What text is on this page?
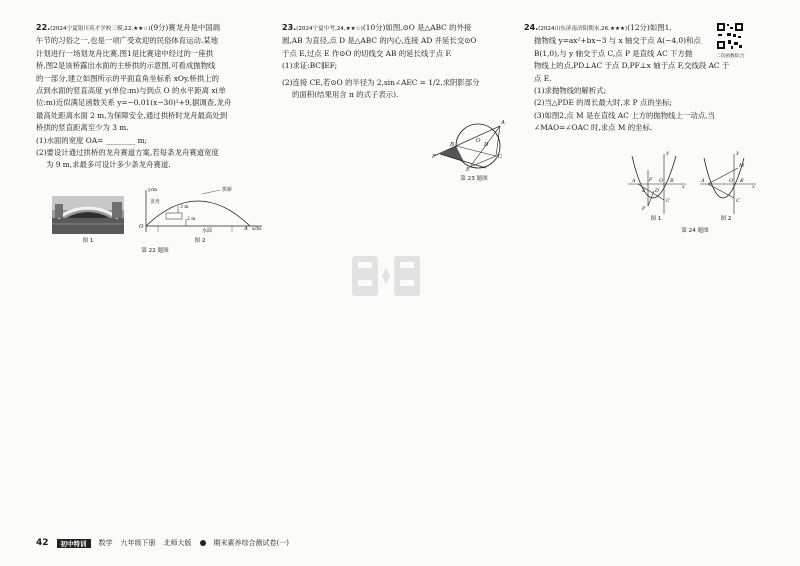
22.(2024宁夏银川英才学校三模,22,★★☆)(9分)赛龙舟是中国端

午节的习俗之一,也是一项广受欢迎的民俗体育运动.某地

计划进行一场划龙舟比赛,图1是比赛途中经过的一座拱

桥,图2是该桥露出水面的主桥拱的示意图,可看成抛物线

的一部分,建立如图所示的平面直角坐标系 xOy,桥拱上的

点到水面的竖直高度 y(单位:m)与到点 O 的水平距离 x(单

位:m)近似满足函数关系 y=−0.01(x−30)²+9,据调查,龙舟

最高处距离水面 2 m,为保障安全,通过拱桥时龙舟最高处到

桥拱的竖直距离至少为 3 m.

(1)水面的宽度 OA= ________ m;

(2)要设计通过拱桥的龙舟赛道方案,若每条龙舟赛道宽度

为 9 m,求最多可设计多少条龙舟赛道.

图 1
y/m
x/m
龙舟
拱桥
3 m
2 m
水面
O	A
图 2
第 22 题图

23.(2024宁夏中考,24,★★☆)(10分)如图,⊙O 是△ABC 的外接

圆,AB 为直径,点 D 是△ABC 的内心,连接 AD 并延长交⊙O

于点 E,过点 E 作⊙O 的切线交 AB 的延长线于点 F.

(1)求证:BC∥EF;

(2)连接 CE,若⊙O 的半径为 2,sin∠AEC = 1/2,求阴影部分

的面积(结果用含 π 的式子表示).

A
B
C
D
E
F
O
第 23 题图

24.(2024山东济南济阳期末,26,★★★)(12分)如图1,

抛物线 y=ax²+bx−3 与 x 轴交于点 A(−4,0)和点

B(1,0),与 y 轴交于点 C,点 P 是直线 AC 下方抛

物线上的点,PD⊥AC 于点 D,PF⊥x 轴于点 F,交线段 AC 于

点 E.

(1)求抛物线的解析式;

(2)当△PDE 的周长最大时,求 P 点的坐标;

(3)如图2,点 M 是在直线 AC 上方的抛物线上一动点,当

∠MAO=∠OAC 时,求点 M 的坐标.

二次函数综合
y
x
A	B
C
D
E
F O
P
图 1
y
x
A	B
C
O
M
图 2
第 24 题图
42	初中特训	数学 九年级下册 北师大版	期末素养综合测试卷(一)
